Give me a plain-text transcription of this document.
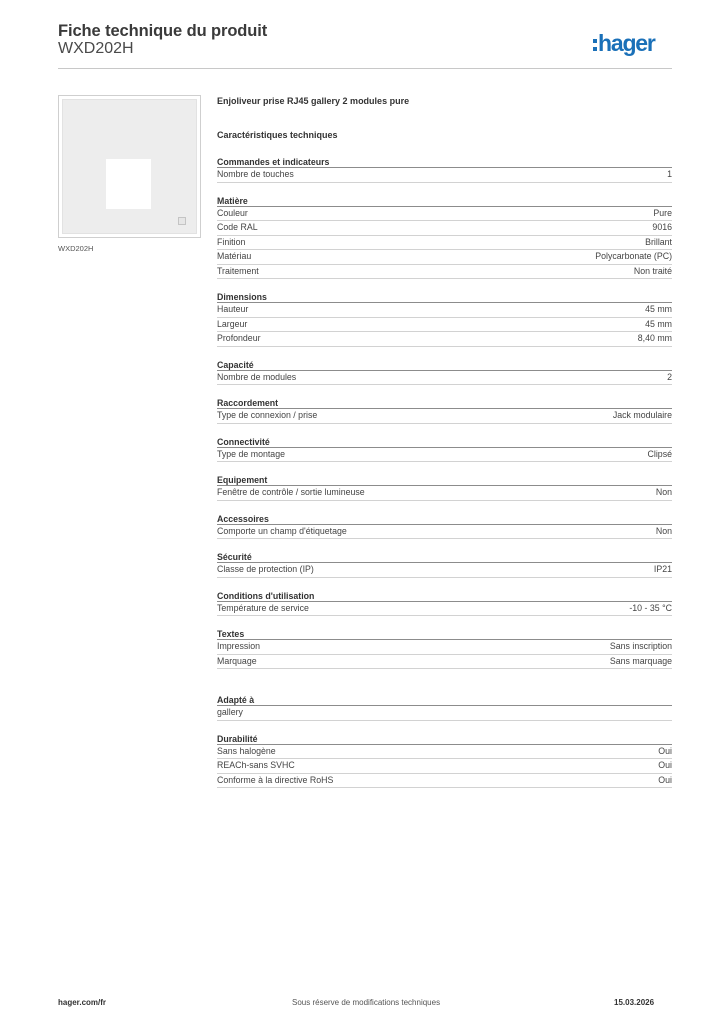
Fiche technique du produit
WXD202H	hager
WXD202H
Enjoliveur prise RJ45 gallery 2 modules pure
Caractéristiques techniques
Commandes et indicateurs
Nombre de touches	1
Matière
Couleur	Pure
Code RAL	9016
Finition	Brillant
Matériau	Polycarbonate (PC)
Traitement	Non traité
Dimensions
Hauteur	45 mm
Largeur	45 mm
Profondeur	8,40 mm
Capacité
Nombre de modules	2
Raccordement
Type de connexion / prise	Jack modulaire
Connectivité
Type de montage	Clipsé
Equipement
Fenêtre de contrôle / sortie lumineuse	Non
Accessoires
Comporte un champ d'étiquetage	Non
Sécurité
Classe de protection (IP)	IP21
Conditions d'utilisation
Température de service	-10 - 35 °C
Textes
Impression	Sans inscription
Marquage	Sans marquage
Adapté à
gallery
Durabilité
Sans halogène	Oui
REACh-sans SVHC	Oui
Conforme à la directive RoHS	Oui
hager.com/fr	Sous réserve de modifications techniques	15.03.2026
